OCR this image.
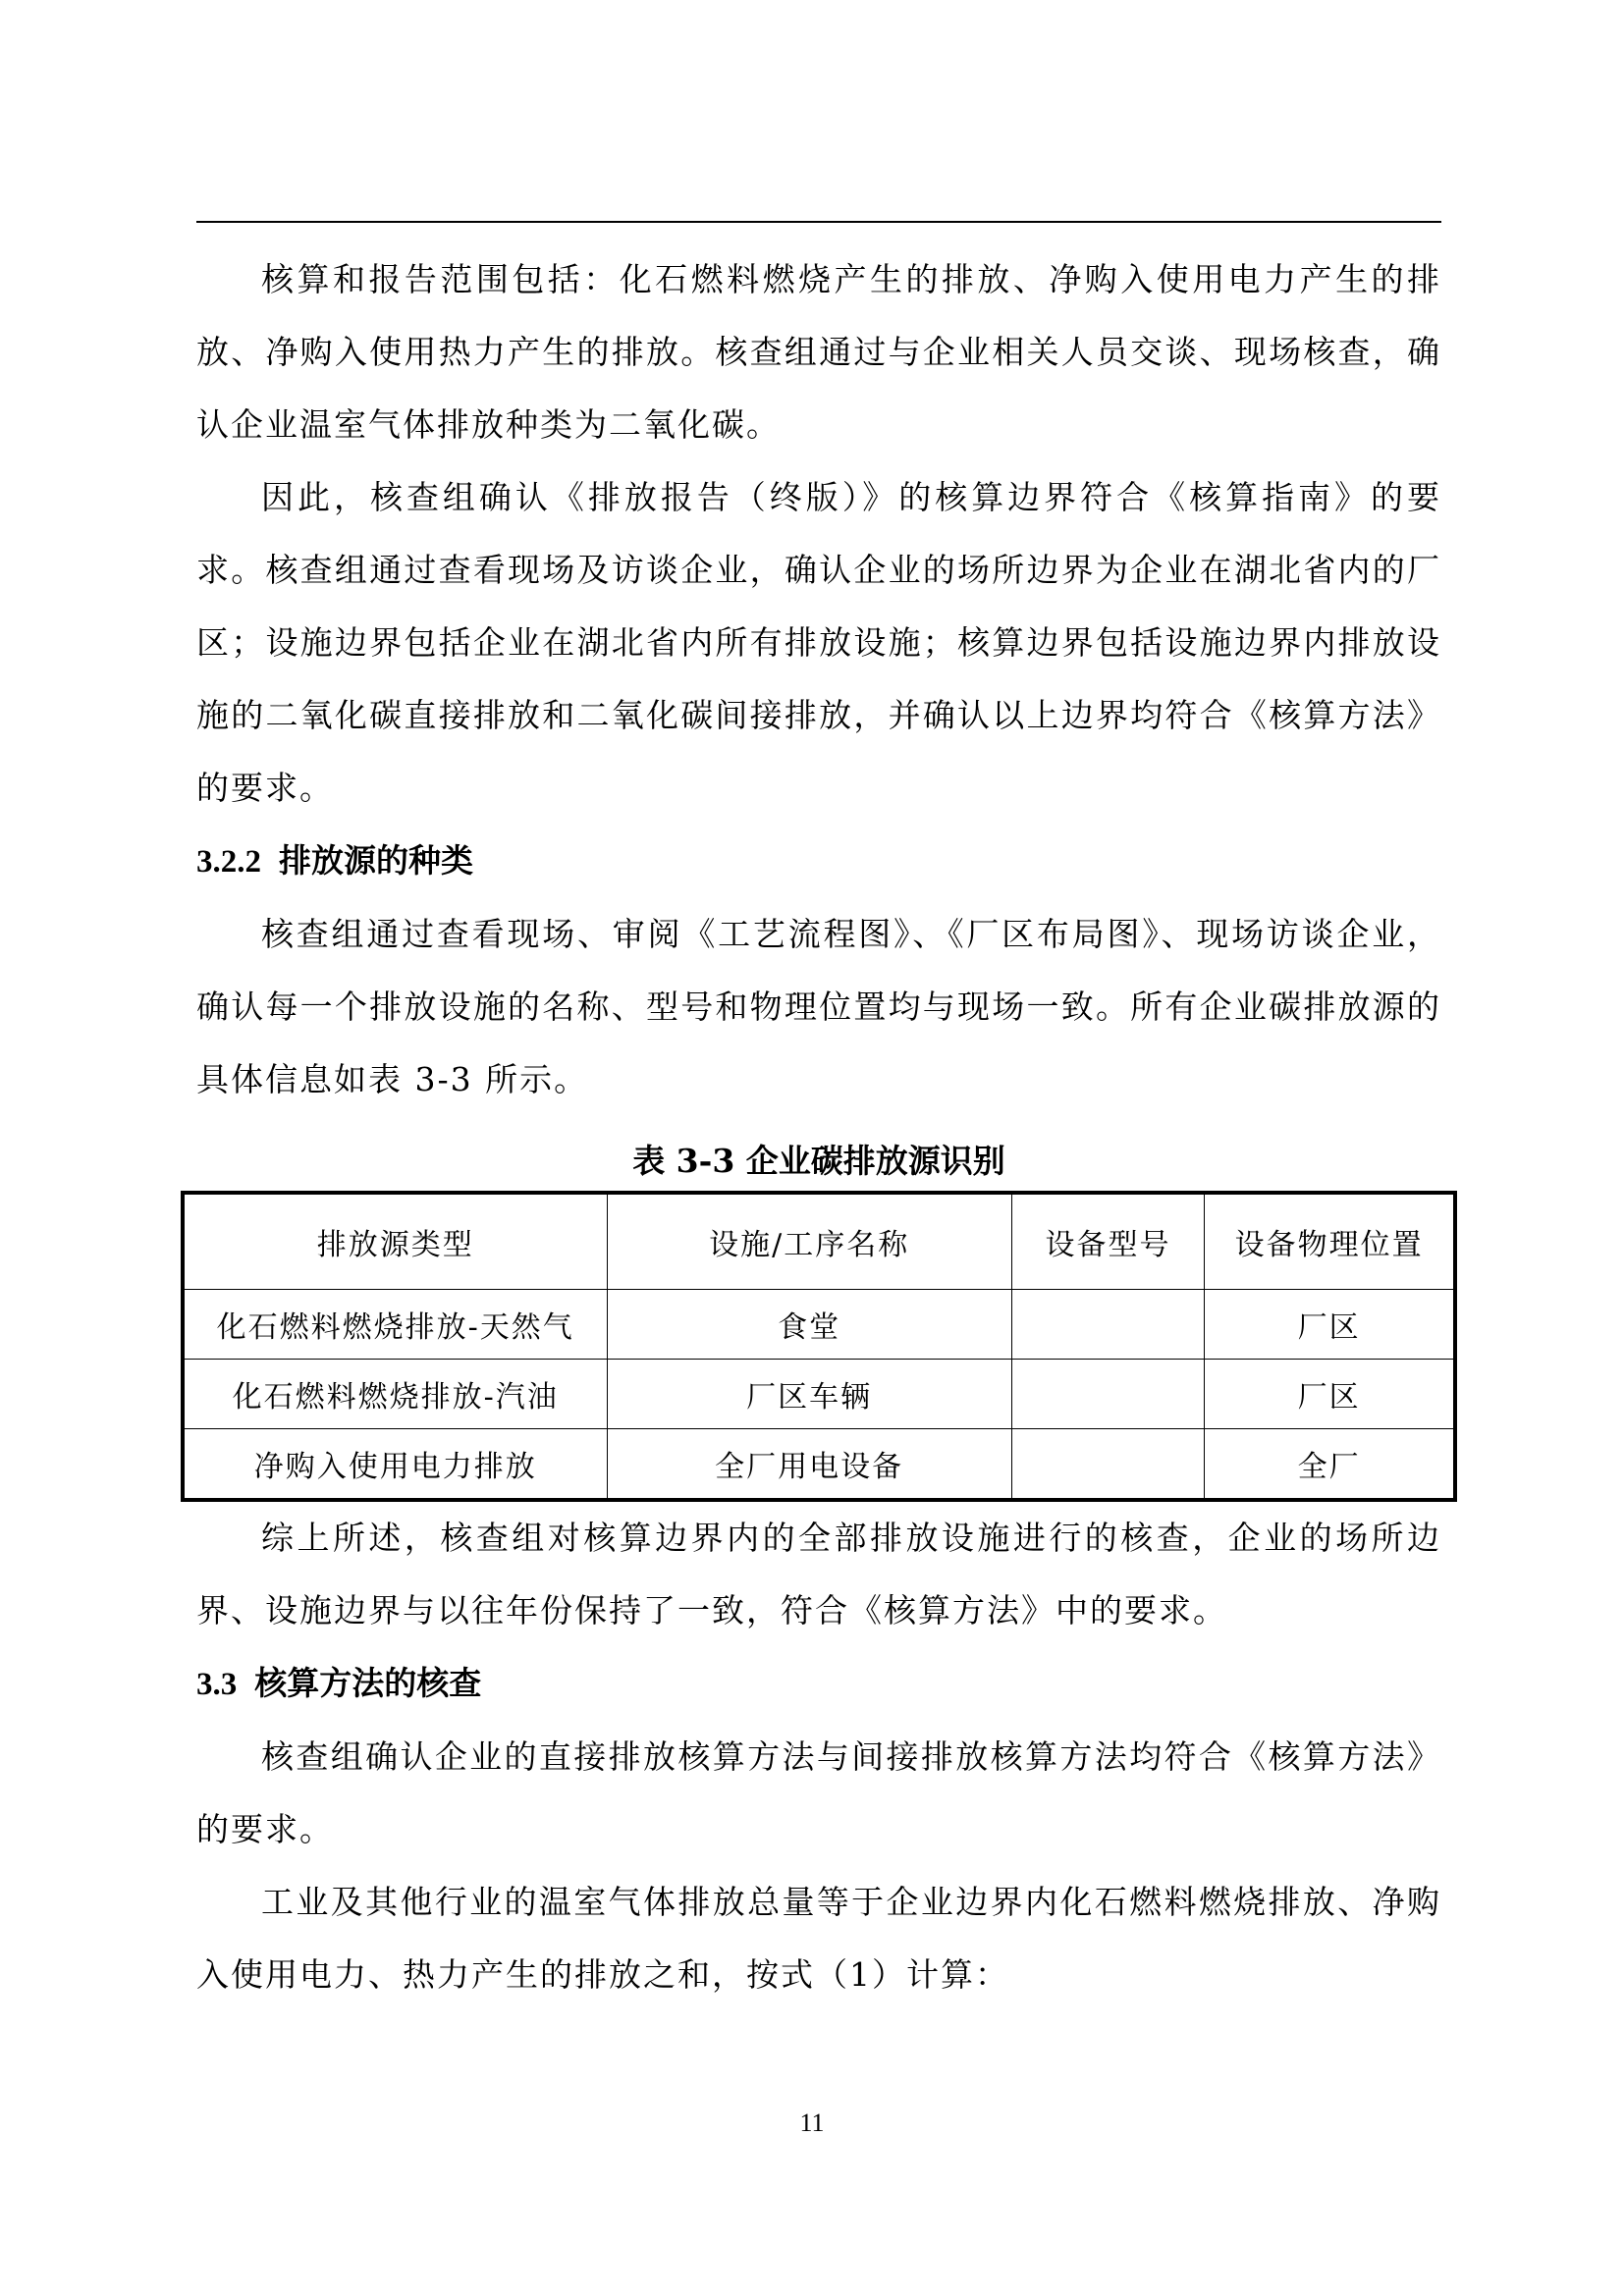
核算和报告范围包括：化石燃料燃烧产生的排放、净购入使用电力产生的排放、净购入使用热力产生的排放。核查组通过与企业相关人员交谈、现场核查，确认企业温室气体排放种类为二氧化碳。

因此，核查组确认《排放报告（终版）》的核算边界符合《核算指南》的要求。核查组通过查看现场及访谈企业，确认企业的场所边界为企业在湖北省内的厂区；设施边界包括企业在湖北省内所有排放设施；核算边界包括设施边界内排放设施的二氧化碳直接排放和二氧化碳间接排放，并确认以上边界均符合《核算方法》的要求。

3.2.2 排放源的种类

核查组通过查看现场、审阅《工艺流程图》、《厂区布局图》、现场访谈企业，确认每一个排放设施的名称、型号和物理位置均与现场一致。所有企业碳排放源的具体信息如表 3-3 所示。

表 3-3 企业碳排放源识别
排放源类型	设施/工序名称	设备型号	设备物理位置
化石燃料燃烧排放-天然气	食堂		厂区
化石燃料燃烧排放-汽油	厂区车辆		厂区
净购入使用电力排放	全厂用电设备		全厂

综上所述，核查组对核算边界内的全部排放设施进行的核查，企业的场所边界、设施边界与以往年份保持了一致，符合《核算方法》中的要求。

3.3 核算方法的核查

核查组确认企业的直接排放核算方法与间接排放核算方法均符合《核算方法》的要求。

工业及其他行业的温室气体排放总量等于企业边界内化石燃料燃烧排放、净购入使用电力、热力产生的排放之和，按式（1）计算：

11
